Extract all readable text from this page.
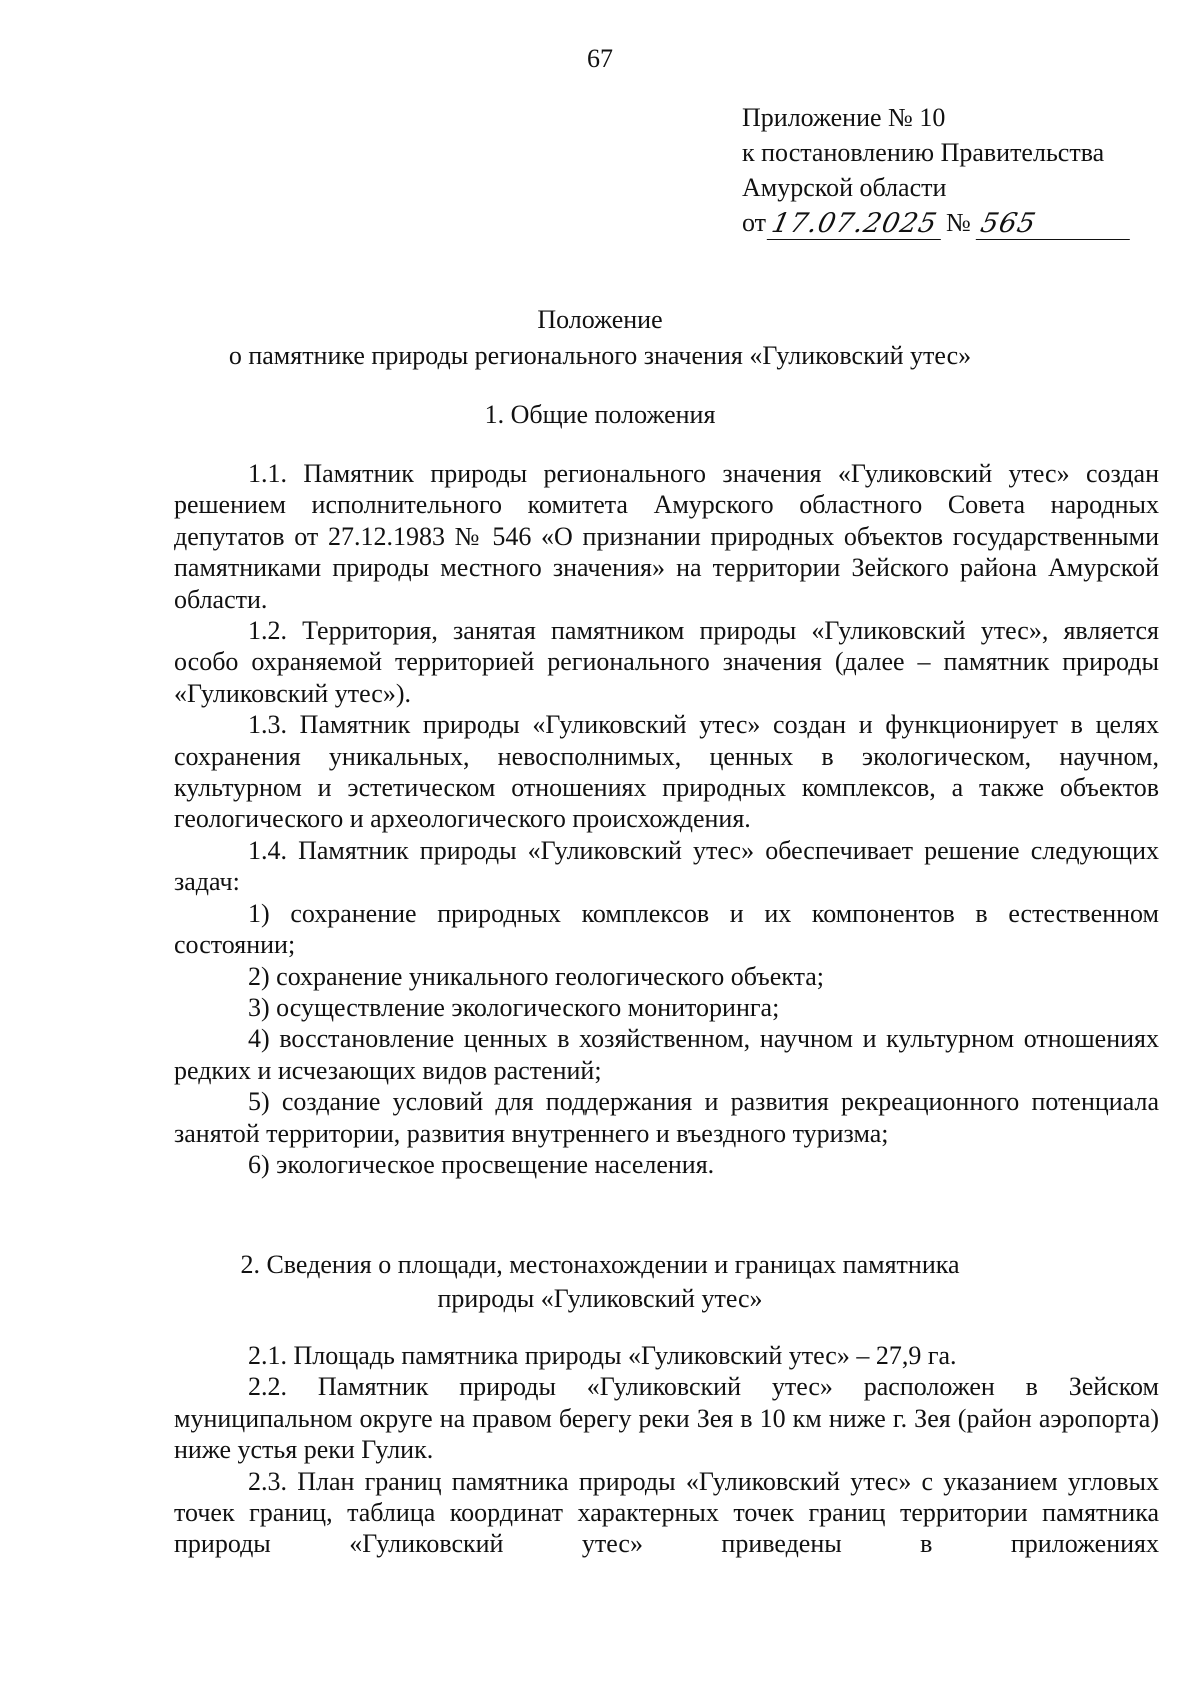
67
Приложение № 10
к постановлению Правительства
Амурской области
от 17.07.2025 № 565
Положение
о памятнике природы регионального значения «Гуликовский утес»
1. Общие положения

1.1. Памятник природы регионального значения «Гуликовский утес» создан решением исполнительного комитета Амурского областного Совета народных депутатов от 27.12.1983 № 546 «О признании природных объектов государственными памятниками природы местного значения» на территории Зейского района Амурской области.

1.2. Территория, занятая памятником природы «Гуликовский утес», является особо охраняемой территорией регионального значения (далее – памятник природы «Гуликовский утес»).

1.3. Памятник природы «Гуликовский утес» создан и функционирует в целях сохранения уникальных, невосполнимых, ценных в экологическом, научном, культурном и эстетическом отношениях природных комплексов, а также объектов геологического и археологического происхождения.

1.4. Памятник природы «Гуликовский утес» обеспечивает решение следующих задач:

1) сохранение природных комплексов и их компонентов в естественном состоянии;

2) сохранение уникального геологического объекта;

3) осуществление экологического мониторинга;

4) восстановление ценных в хозяйственном, научном и культурном отношениях редких и исчезающих видов растений;

5) создание условий для поддержания и развития рекреационного потенциала занятой территории, развития внутреннего и въездного туризма;

6) экологическое просвещение населения.

2. Сведения о площади, местонахождении и границах памятника
природы «Гуликовский утес»

2.1. Площадь памятника природы «Гуликовский утес» – 27,9 га.

2.2. Памятник природы «Гуликовский утес» расположен в Зейском муниципальном округе на правом берегу реки Зея в 10 км ниже г. Зея (район аэропорта) ниже устья реки Гулик.

2.3. План границ памятника природы «Гуликовский утес» с указанием угловых точек границ, таблица координат характерных точек границ территории памятника природы «Гуликовский утес» приведены в приложениях
